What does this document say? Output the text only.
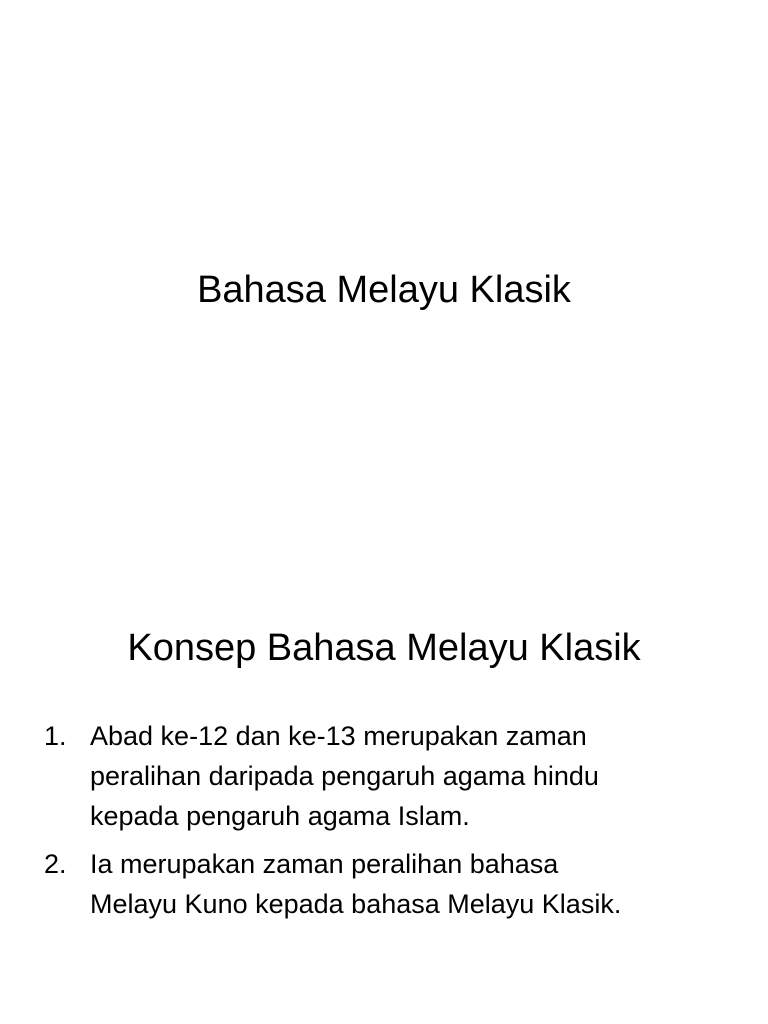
Bahasa Melayu Klasik
Konsep Bahasa Melayu Klasik
1. Abad ke-12 dan ke-13 merupakan zaman
peralihan daripada pengaruh agama hindu
kepada pengaruh agama Islam.
2. Ia merupakan zaman peralihan bahasa
Melayu Kuno kepada bahasa Melayu Klasik.
